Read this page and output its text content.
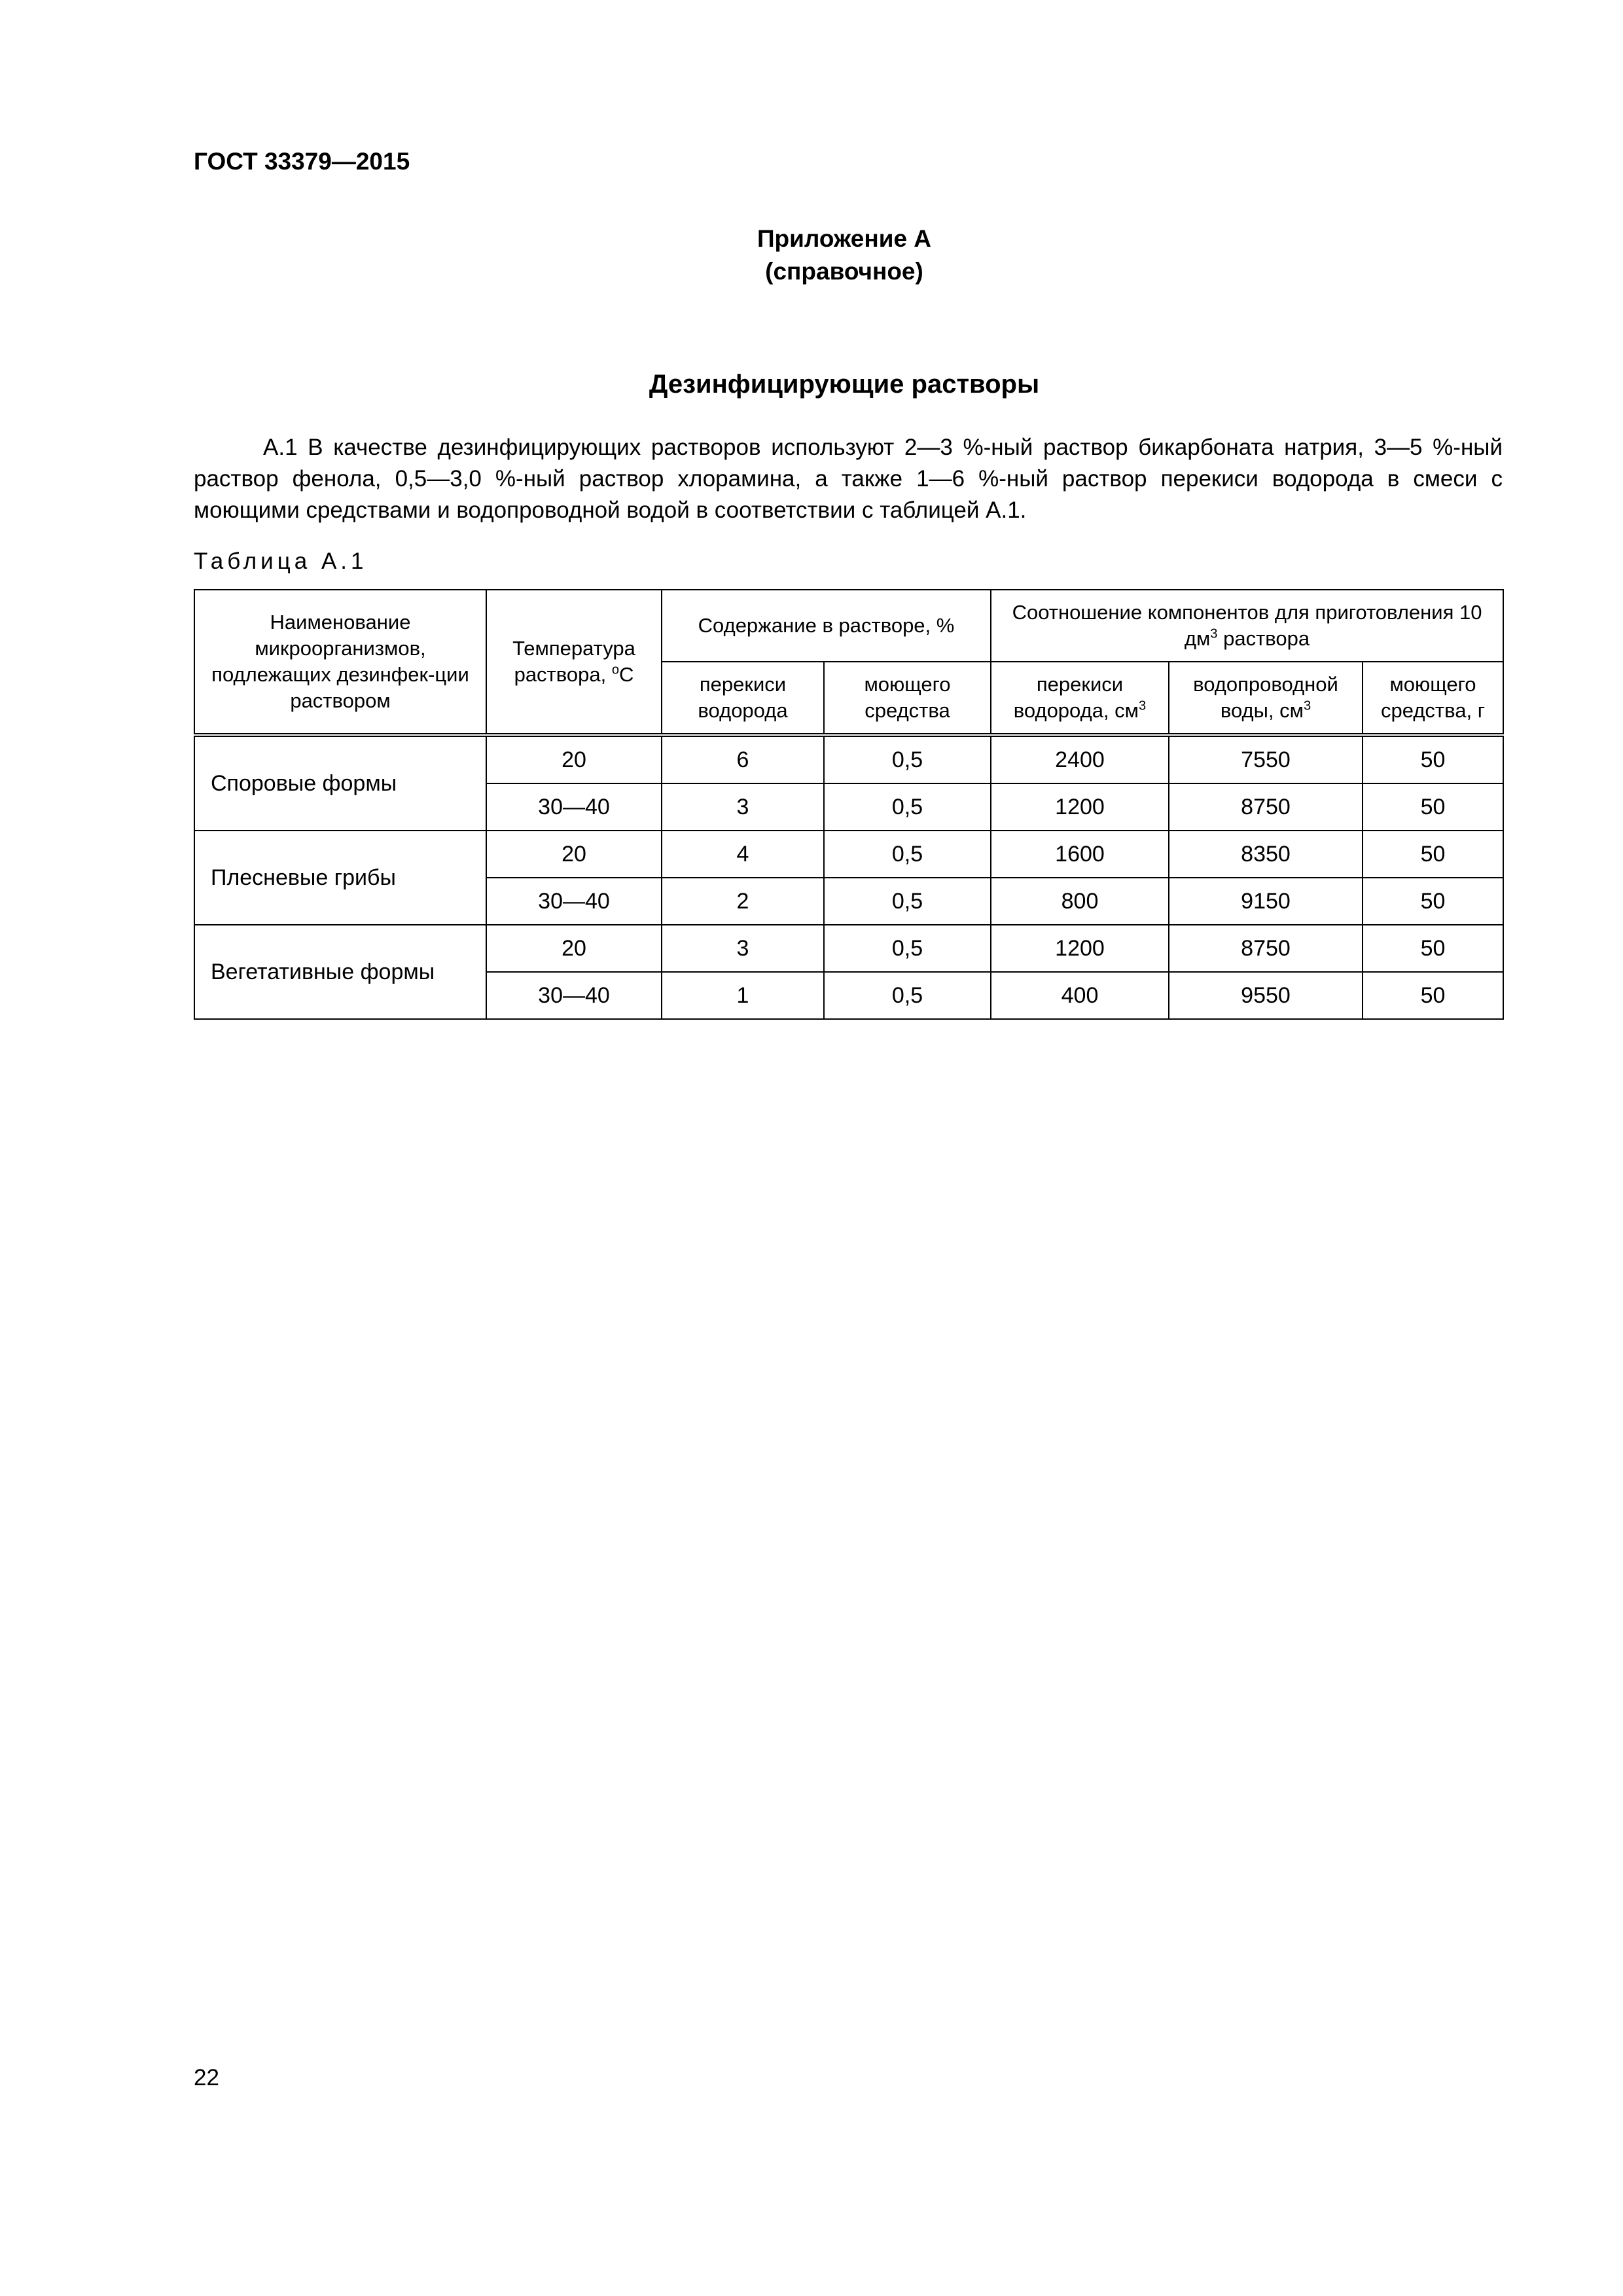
ГОСТ 33379—2015
Приложение А
(справочное)
Дезинфицирующие растворы
А.1 В качестве дезинфицирующих растворов используют 2—3 %-ный раствор бикарбоната натрия, 3—5 %-ный раствор фенола, 0,5—3,0 %-ный раствор хлорамина, а также 1—6 %-ный раствор перекиси водорода в смеси с моющими средствами и водопроводной водой в соответствии с таблицей А.1.
Таблица А.1
Наименование микроорганизмов, подлежащих дезинфек-ции раствором	Температура раствора, $^о$С	Содержание в растворе, %		Соотношение компонентов для приготовления 10 $дм^3$ раствора		
		перекиси водорода	моющего средства	перекиси водорода, $см^3$	водопроводной воды, $см^3$	моющего средства, г
Споровые формы	20	6	0,5	2400	7550	50
	30—40	3	0,5	1200	8750	50
Плесневые грибы	20	4	0,5	1600	8350	50
	30—40	2	0,5	800	9150	50
Вегетативные формы	20	3	0,5	1200	8750	50
	30—40	1	0,5	400	9550	50
22
